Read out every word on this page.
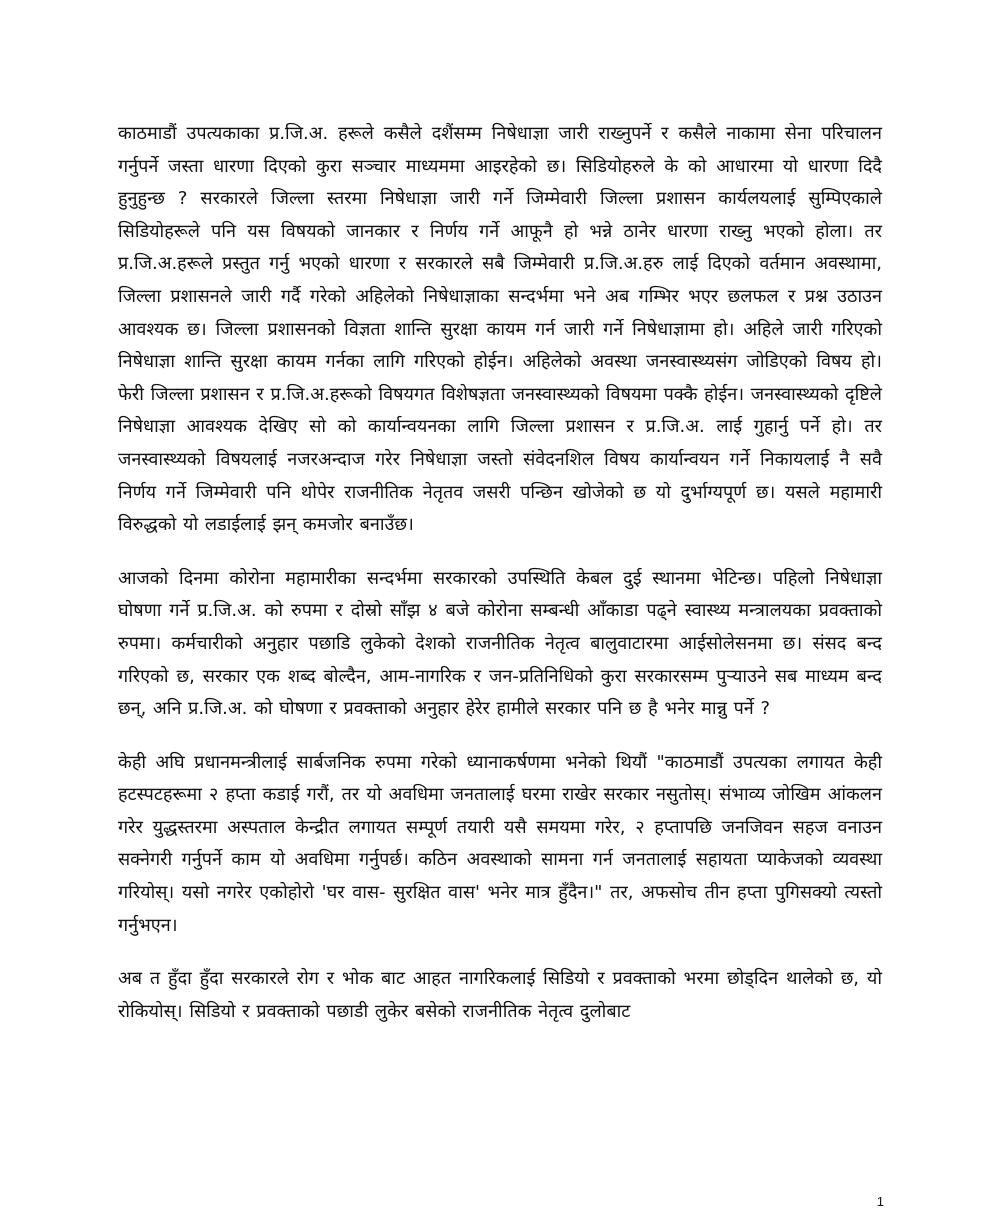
काठमाडौं उपत्यकाका प्र.जि.अ. हरूले कसैले दशैंसम्म निषेधाज्ञा जारी राख्नुपर्ने र कसैले नाकामा सेना परिचालन गर्नुपर्ने जस्ता धारणा दिएको कुरा सञ्चार माध्यममा आइरहेको छ। सिडियोहरुले के को आधारमा यो धारणा दिदै हुनुहुन्छ ? सरकारले जिल्ला स्तरमा निषेधाज्ञा जारी गर्ने जिम्मेवारी जिल्ला प्रशासन कार्यलयलाई सुम्पिएकाले सिडियोहरूले पनि यस विषयको जानकार र निर्णय गर्ने आफूनै हो भन्ने ठानेर धारणा राख्नु भएको होला। तर प्र.जि.अ.हरूले प्रस्तुत गर्नु भएको धारणा र सरकारले सबै जिम्मेवारी प्र.जि.अ.हरु लाई दिएको वर्तमान अवस्थामा, जिल्ला प्रशासनले जारी गर्दै गरेको अहिलेको निषेधाज्ञाका सन्दर्भमा भने अब गम्भिर भएर छलफल र प्रश्न उठाउन आवश्यक छ। जिल्ला प्रशासनको विज्ञता शान्ति सुरक्षा कायम गर्न जारी गर्ने निषेधाज्ञामा हो। अहिले जारी गरिएको निषेधाज्ञा शान्ति सुरक्षा कायम गर्नका लागि गरिएको होईन। अहिलेको अवस्था जनस्वास्थ्यसंग जोडिएको विषय हो। फेरी जिल्ला प्रशासन र प्र.जि.अ.हरूको विषयगत विशेषज्ञता जनस्वास्थ्यको विषयमा पक्कै होईन। जनस्वास्थ्यको दृष्टिले निषेधाज्ञा आवश्यक देखिए सो को कार्यान्वयनका लागि जिल्ला प्रशासन र प्र.जि.अ. लाई गुहार्नु पर्ने हो। तर जनस्वास्थ्यको विषयलाई नजरअन्दाज गरेर निषेधाज्ञा जस्तो संवेदनशिल विषय कार्यान्वयन गर्ने निकायलाई नै सवै निर्णय गर्ने जिम्मेवारी पनि थोपेर राजनीतिक नेतृतव जसरी पन्छिन खोजेको छ यो दुर्भाग्यपूर्ण छ। यसले महामारी विरुद्धको यो लडाईलाई झन् कमजोर बनाउँछ।

आजको दिनमा कोरोना महामारीका सन्दर्भमा सरकारको उपस्थिति केबल दुई स्थानमा भेटिन्छ। पहिलो निषेधाज्ञा घोषणा गर्ने प्र.जि.अ. को रुपमा र दोस्रो साँझ ४ बजे कोरोना सम्बन्धी आँकाडा पढ्ने स्वास्थ्य मन्त्रालयका प्रवक्ताको रुपमा। कर्मचारीको अनुहार पछाडि लुकेको देशको राजनीतिक नेतृत्व बालुवाटारमा आईसोलेसनमा छ। संसद बन्द गरिएको छ, सरकार एक शब्द बोल्दैन, आम-नागरिक र जन-प्रतिनिधिको कुरा सरकारसम्म पुऱ्याउने सब माध्यम बन्द छन्, अनि प्र.जि.अ. को घोषणा र प्रवक्ताको अनुहार हेरेर हामीले सरकार पनि छ है भनेर मान्नु पर्ने ?

केही अघि प्रधानमन्त्रीलाई सार्बजनिक रुपमा गरेको ध्यानाकर्षणमा भनेको थियौं "काठमाडौं उपत्यका लगायत केही हटस्पटहरूमा २ हप्ता कडाई गरौं, तर यो अवधिमा जनतालाई घरमा राखेर सरकार नसुतोस्। संभाव्य जोखिम आंकलन गरेर युद्धस्तरमा अस्पताल केन्द्रीत लगायत सम्पूर्ण तयारी यसै समयमा गरेर, २ हप्तापछि जनजिवन सहज वनाउन सक्नेगरी गर्नुपर्ने काम यो अवधिमा गर्नुपर्छ। कठिन अवस्थाको सामना गर्न जनतालाई सहायता प्याकेजको व्यवस्था गरियोस्। यसो नगरेर एकोहोरो 'घर वास- सुरक्षित वास' भनेर मात्र हुँदैन।" तर, अफसोच तीन हप्ता पुगिसक्यो त्यस्तो गर्नुभएन।

अब त हुँदा हुँदा सरकारले रोग र भोक बाट आहत नागरिकलाई सिडियो र प्रवक्ताको भरमा छोड्दिन थालेको छ, यो रोकियोस्। सिडियो र प्रवक्ताको पछाडी लुकेर बसेको राजनीतिक नेतृत्व दुलोबाट

1
